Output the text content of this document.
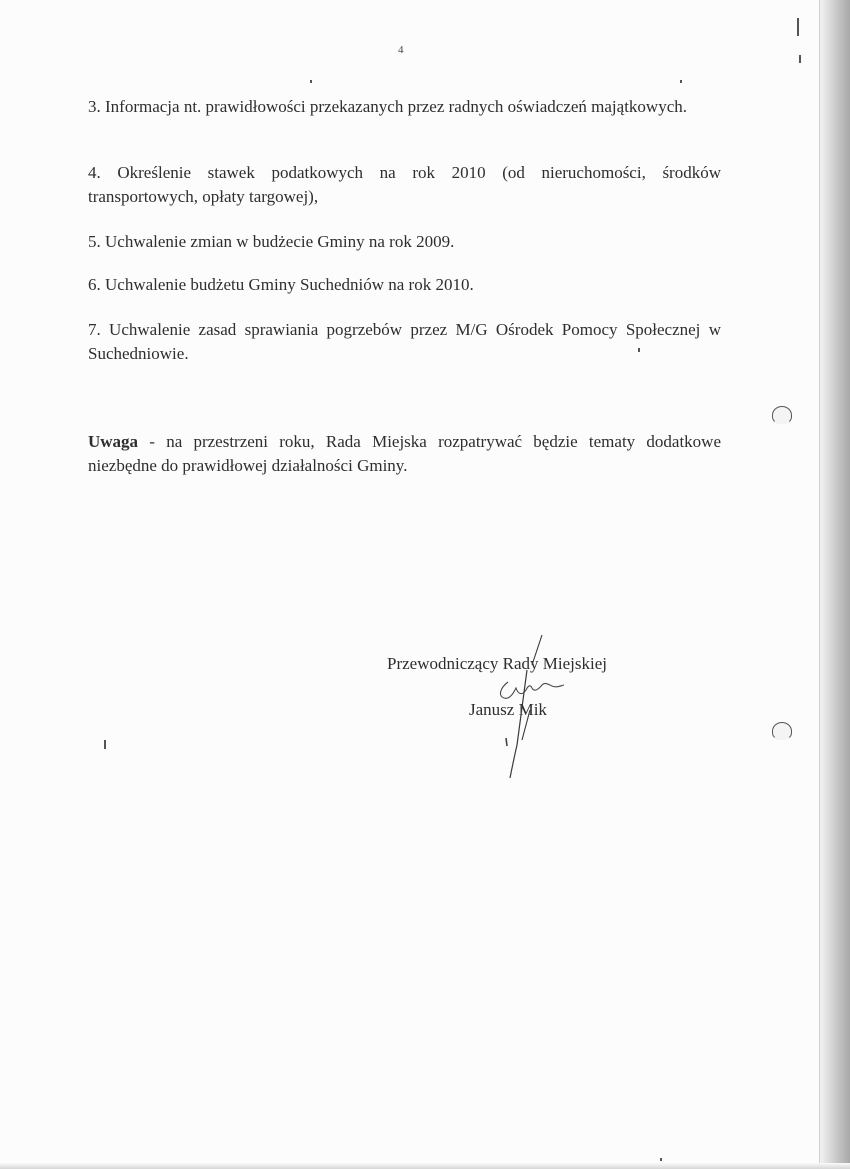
4

3. Informacja nt. prawidłowości przekazanych przez radnych oświadczeń majątkowych.

4. Określenie stawek podatkowych na rok 2010 (od nieruchomości, środków transportowych, opłaty targowej),

5. Uchwalenie zmian w budżecie Gminy na rok 2009.

6. Uchwalenie budżetu Gminy Suchedniów na rok 2010.

7. Uchwalenie zasad sprawiania pogrzebów przez M/G Ośrodek Pomocy Społecznej w Suchedniowie.

Uwaga - na przestrzeni roku, Rada Miejska rozpatrywać będzie tematy dodatkowe niezbędne do prawidłowej działalności Gminy.

Przewodniczący Rady Miejskiej
Janusz Mik
